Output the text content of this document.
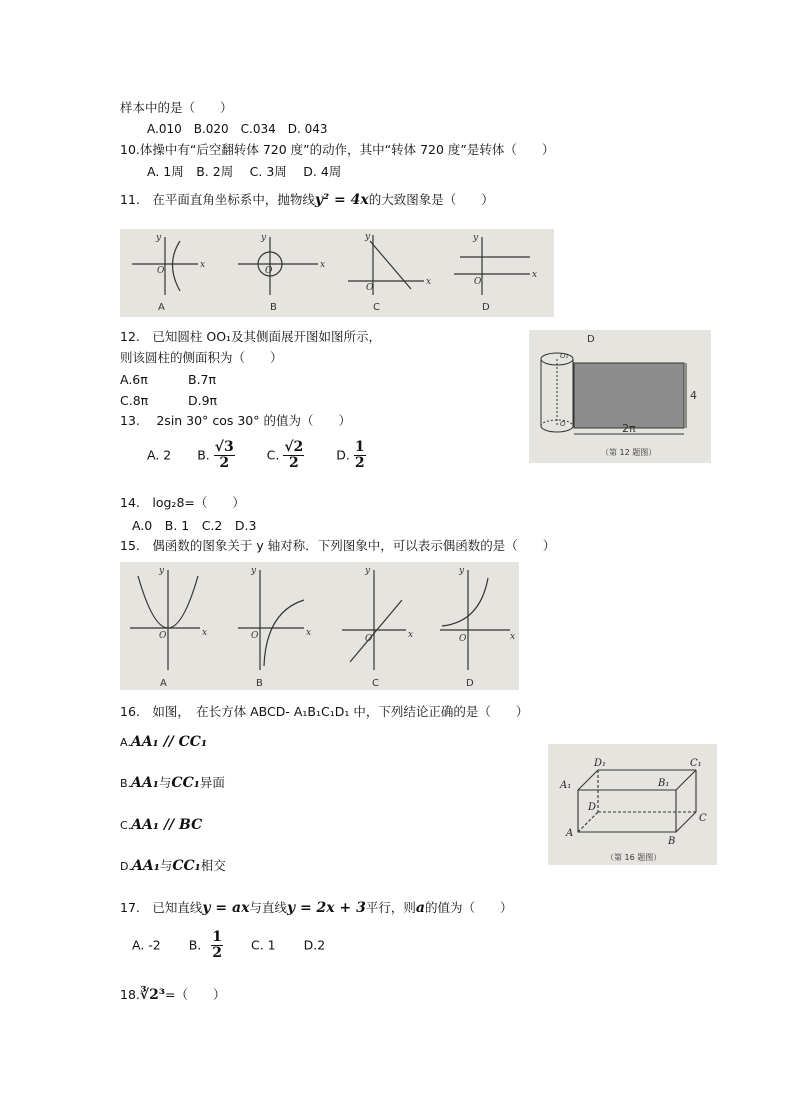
样本中的是（　　）
A.010　B.020　C.034　D. 043
10.体操中有“后空翻转体 720 度”的动作，其中“转体 720 度”是转体（　　）
A. 1周　B. 2周　 C. 3周　 D. 4周
11.　在平面直角坐标系中，抛物线y² = 4x的大致图象是（　　）
y
x
O
y
x
O
y
x
O
y
x
O
A	B	C	D
12.　已知圆柱 OO₁及其侧面展开图如图所示，
则该圆柱的侧面积为（　　）
A.6π	B.7π
C.8π	D.9π
D
4
2π
（第 12 题图）
O₁
O
13.　 2sin 30° cos 30° 的值为（　　）
A. 2 B. $\frac{√3}{2}$	C. $\frac{√2}{2}$	D. $\frac{1}{2}$
14.　log₂8=（　　）
A.0　B. 1　C.2　D.3
15.　偶函数的图象关于 y 轴对称．下列图象中，可以表示偶函数的是（　　）
y
x
O
y
x
O
y
x
O
y
x
O
A	B	C	D
16.　如图，　在长方体 ABCD- A₁B₁C₁D₁ 中，下列结论正确的是（　　）
A.AA₁ // CC₁
B.AA₁与CC₁异面
C.AA₁ // BC
D.AA₁与CC₁相交
A
B
C
D
A₁	B₁
C₁
D₁
（第 16 题图）
17.　已知直线y = ax与直线y = 2x + 3平行，则a的值为（　　）
A. -2 B. $\frac{1}{2} C$. 1 D.2
18.∛2³=（　　）
